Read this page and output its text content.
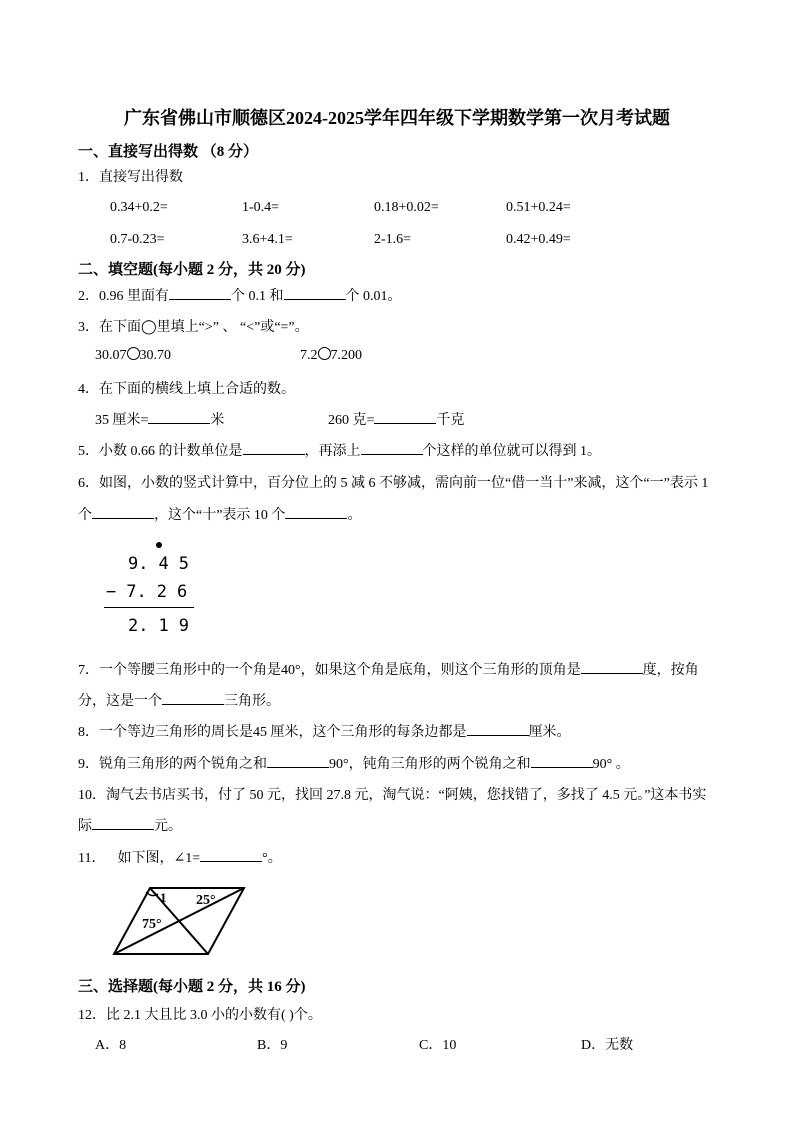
广东省佛山市顺德区2024-2025学年四年级下学期数学第一次月考试题
一、直接写出得数 （8 分）
1．直接写出得数
0.34+0.2=	1-0.4=	0.18+0.02=	0.51+0.24=
0.7-0.23=	3.6+4.1=	2-1.6=	0.42+0.49=
二、填空题(每小题 2 分，共 20 分)
2．0.96 里面有	个 0.1 和	个 0.01。
3．在下面◯里填上“>” 、 “<”或“=”。
30.07 30.70	7.2 7.200
4．在下面的横线上填上合适的数。
35 厘米=	米	260 克=	千克
5．小数 0.66 的计数单位是	，再添上	个这样的单位就可以得到 1。
6．如图，小数的竖式计算中，百分位上的 5 减 6 不够减，需向前一位“借一当十”来减，这个“一”表示 1
个	，这个“十”表示 10 个	。
9. 4 5
− 7. 2 6
2. 1 9
7．一个等腰三角形中的一个角是40°，如果这个角是底角，则这个三角形的顶角是	度，按角
分，这是一个	三角形。
8．一个等边三角形的周长是45 厘米，这个三角形的每条边都是	厘米。
9．锐角三角形的两个锐角之和	90°，钝角三角形的两个锐角之和	90° 。
10．淘气去书店买书，付了 50 元，找回 27.8 元，淘气说：“阿姨，您找错了，多找了 4.5 元。”这本书实
际	元。
11． 如下图，∠1=	°。
1 25°
75°
三、选择题(每小题 2 分，共 16 分)
12．比 2.1 大且比 3.0 小的小数有( )个。
A．8	B．9	C．10	D．无数
